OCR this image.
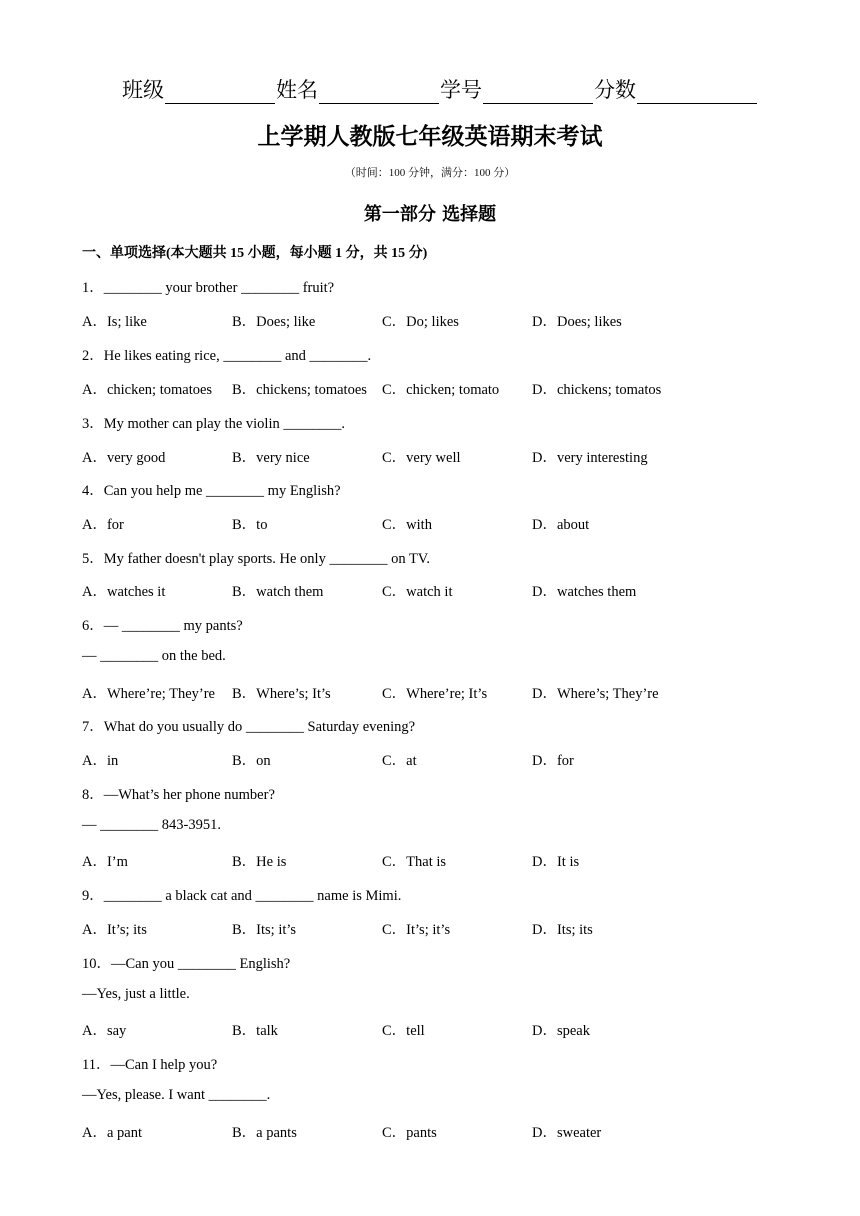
班级	姓名	学号	分数
上学期人教版七年级英语期末考试
（时间：100 分钟，满分：100 分）
第一部分 选择题
一、单项选择(本大题共 15 小题，每小题 1 分，共 15 分)
1．________ your brother ________ fruit?
A．Is; like	B．Does; like	C．Do; likes	D．Does; likes
2．He likes eating rice, ________ and ________.
A．chicken; tomatoes B．chickens; tomatoes C．chicken; tomato D．chickens; tomatos
3．My mother can play the violin ________.
A．very good	B．very nice	C．very well	D．very interesting
4．Can you help me ________ my English?
A．for	B．to	C．with	D．about
5．My father doesn't play sports. He only ________ on TV.
A．watches it	B．watch them	C．watch it	D．watches them
6．— ________ my pants?
— ________ on the bed.
A．Where’re; They’re B．Where’s; It’s	C．Where’re; It’s	D．Where’s; They’re
7．What do you usually do ________ Saturday evening?
A．in	B．on	C．at	D．for
8．—What’s her phone number?
— ________ 843-3951.
A．I’m	B．He is	C．That is	D．It is
9．________ a black cat and ________ name is Mimi.
A．It’s; its	B．Its; it’s	C．It’s; it’s	D．Its; its
10．—Can you ________ English?
—Yes, just a little.
A．say	B．talk	C．tell	D．speak
11．—Can I help you?
—Yes, please. I want ________.
A．a pant	B．a pants	C．pants	D．sweater
